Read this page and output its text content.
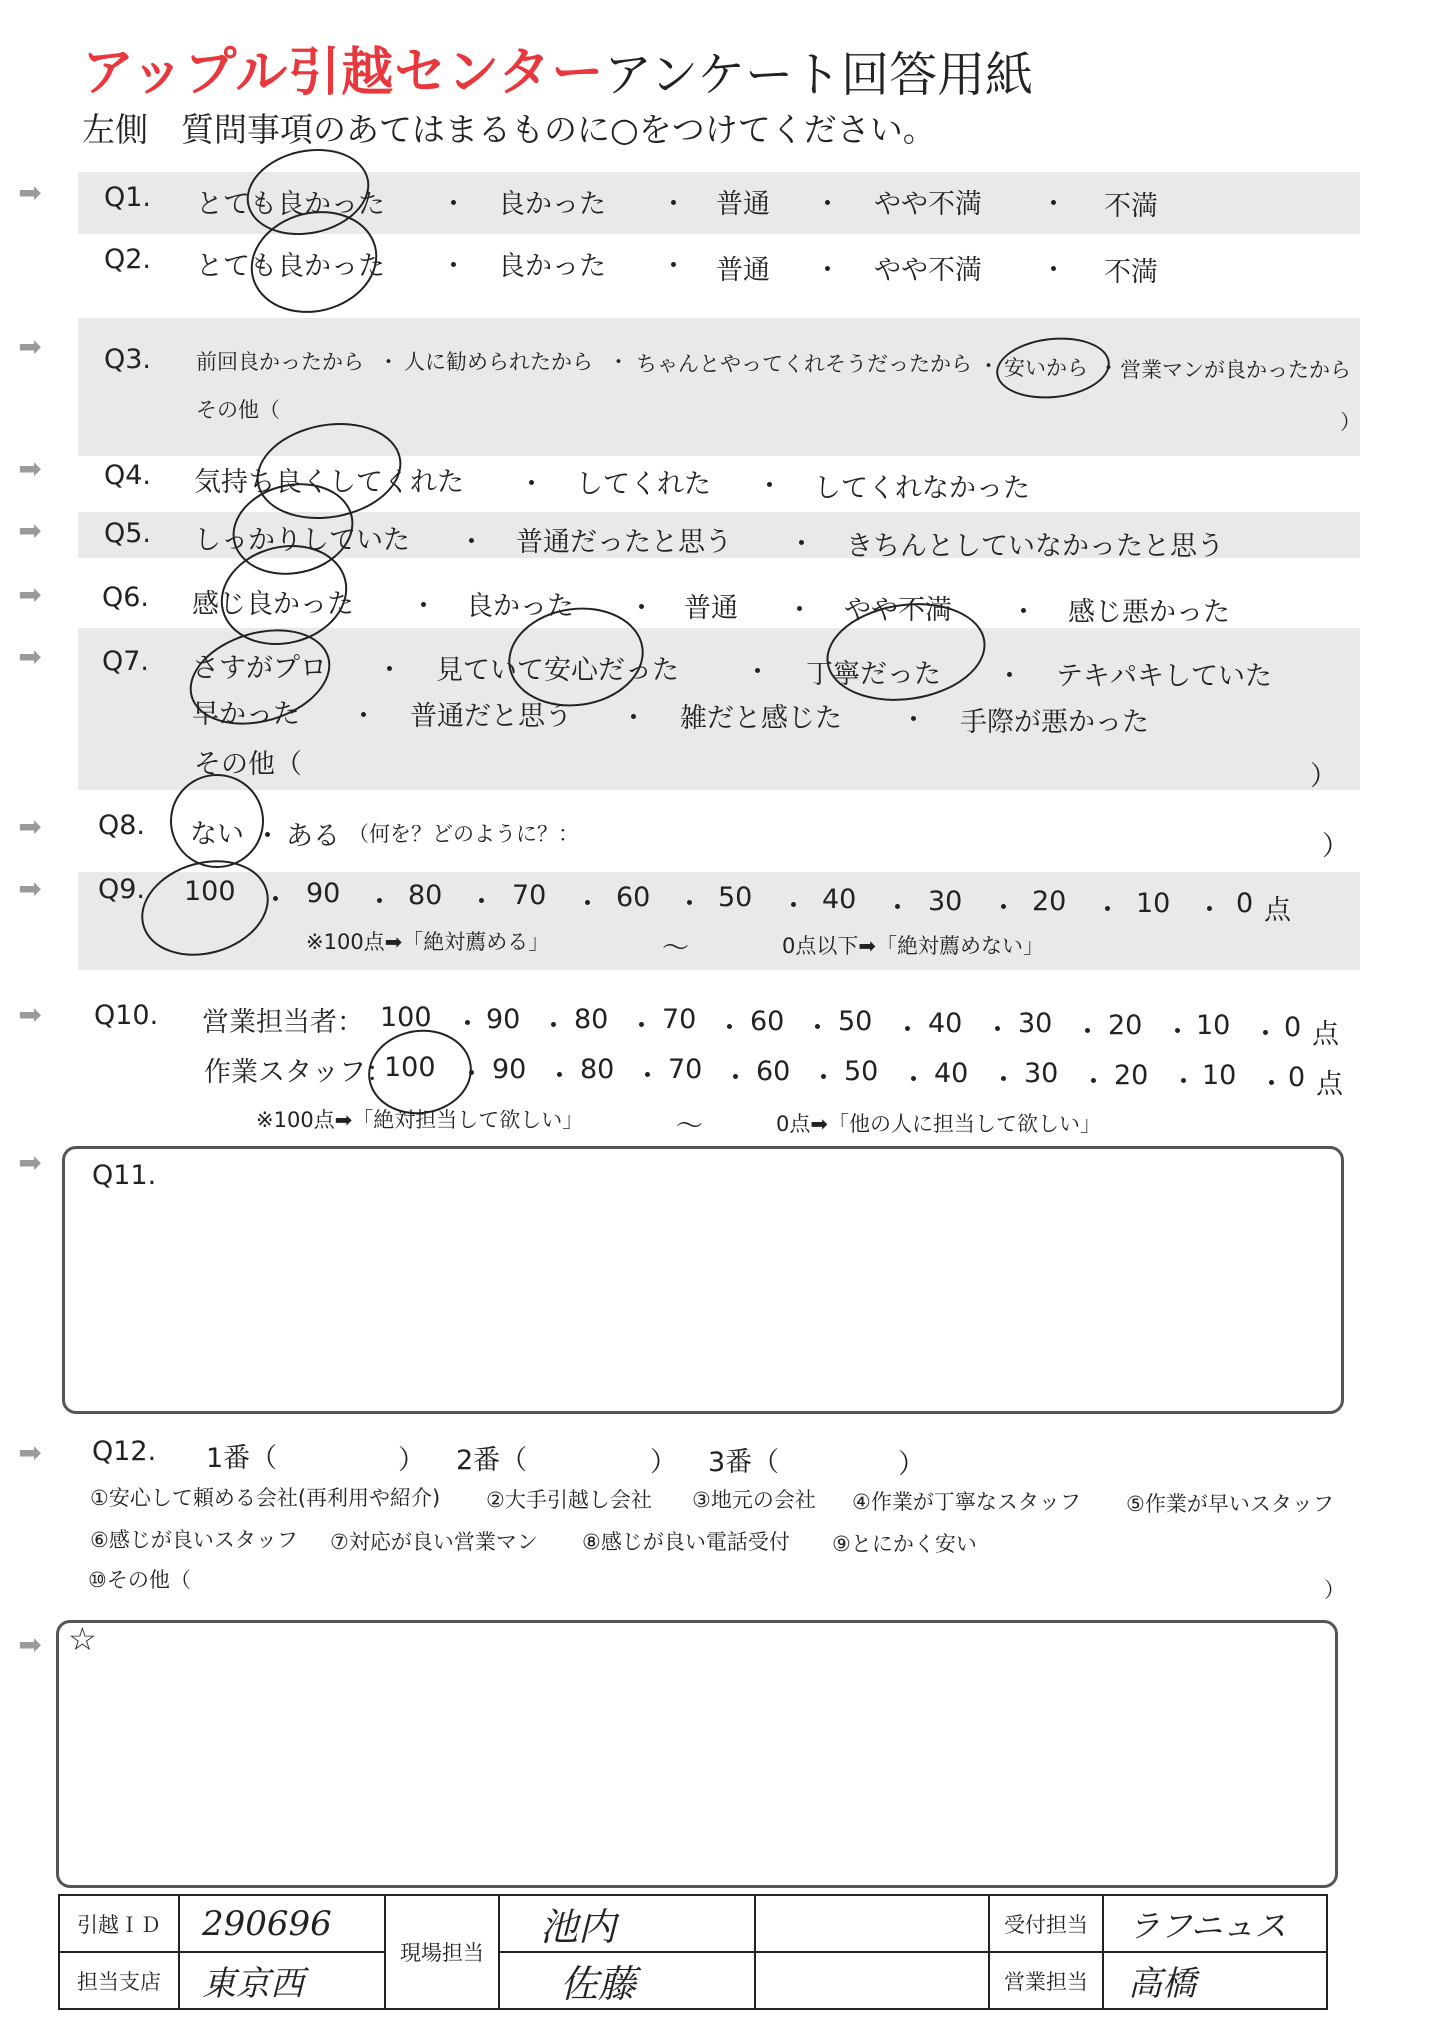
アップル引越センター アンケート回答用紙
左側　質問事項のあてはまるものに○をつけてください。
➡
➡
➡
➡
➡
➡
➡
➡
➡
➡
➡
➡
Q1. とても良かった ・ 良かった ・ 普通 ・ やや不満 ・ 不満
Q2. とても良かった ・ 良かった ・ 普通 ・ やや不満 ・ 不満
Q3. 前回良かったから ・ 人に勧められたから ・ ちゃんとやってくれそうだったから ・ 安いから ・ 営業マンが良かったから
その他（	）
Q4. 気持ち良くしてくれた ・ してくれた ・ してくれなかった
Q5. しっかりしていた ・ 普通だったと思う ・ きちんとしていなかったと思う
Q6. 感じ良かった ・ 良かった ・ 普通 ・ やや不満 ・ 感じ悪かった
Q7. さすがプロ ・ 見ていて安心だった ・ 丁寧だった ・ テキパキしていた
早かった ・ 普通だと思う ・ 雑だと感じた ・ 手際が悪かった
その他（	）
Q8. ない ・ ある （何を？どのように？：	）
Q9. 100 ・ 90 ・ 80 ・ 70 ・ 60 ・ 50 ・ 40 ・ 30 ・ 20 ・ 10 ・ 0 点
※100点➡「絶対薦める」	〜	0点以下➡「絶対薦めない」
Q10. 営業担当者： 100 ・ 90 ・ 80 ・ 70 ・ 60 ・ 50 ・ 40 ・ 30 ・ 20 ・ 10 ・ 0 点
作業スタッフ：
100 ・ 90 ・ 80 ・ 70 ・ 60 ・ 50 ・ 40 ・ 30 ・ 20 ・ 10 ・ 0 点
※100点➡「絶対担当して欲しい」	〜	0点➡「他の人に担当して欲しい」
Q11.
Q12. 1番（	） 2番（	） 3番（	）
①安心して頼める会社(再利用や紹介) ②大手引越し会社 ③地元の会社 ④作業が丁寧なスタッフ ⑤作業が早いスタッフ
⑥感じが良いスタッフ ⑦対応が良い営業マン ⑧感じが良い電話受付 ⑨とにかく安い
⑩その他（	）
☆
引越ＩＤ	290696	現場担当	池内		受付担当	ラフニュス
担当支店	東京西		佐藤		営業担当	高橋
